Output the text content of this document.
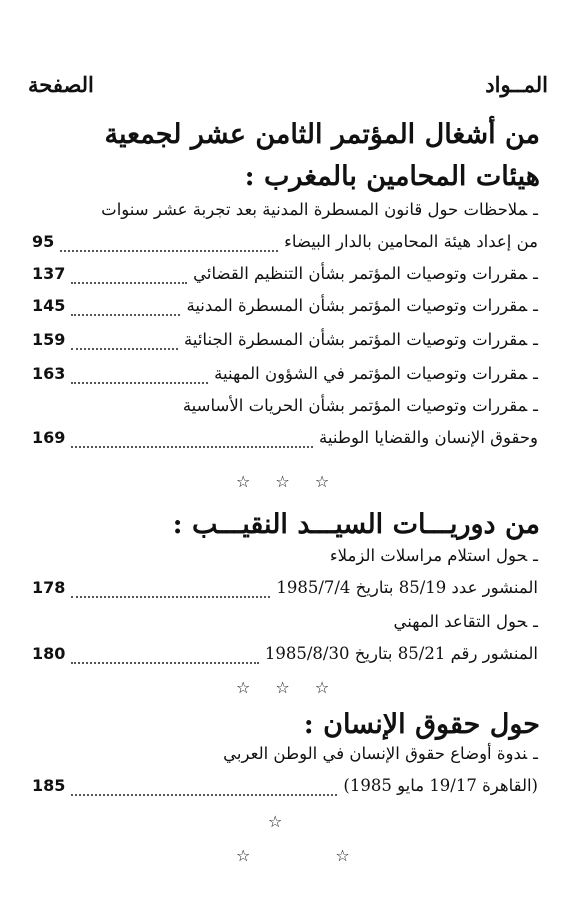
المــواد
الصفحة
من أشغال المؤتمر الثامن عشر لجمعية
هيئات المحامين بالمغرب :
ـملاحظات حول قانون المسطرة المدنية بعد تجربة عشر سنوات
من إعداد هيئة المحامين بالدار البيضاء
95
ـمقررات وتوصيات المؤتمر بشأن التنظيم القضائي
137
ـمقررات وتوصيات المؤتمر بشأن المسطرة المدنية
145
ـمقررات وتوصيات المؤتمر بشأن المسطرة الجنائية
159
ـمقررات وتوصيات المؤتمر في الشؤون المهنية
163
ـمقررات وتوصيات المؤتمر بشأن الحريات الأساسية
وحقوق الإنسان والقضايا الوطنية
169
☆ ☆ ☆
من دوريـــات السيـــد النقيـــب :
ـحول استلام مراسلات الزملاء
المنشور عدد 85/19 بتاريخ 1985/7/4
178
ـحول التقاعد المهني
المنشور رقم 85/21 بتاريخ 1985/8/30
180
☆ ☆ ☆
حول حقوق الإنسان :
ـندوة أوضاع حقوق الإنسان في الوطن العربي
(القاهرة 19/17 مايو 1985)
185
☆
☆ ☆
